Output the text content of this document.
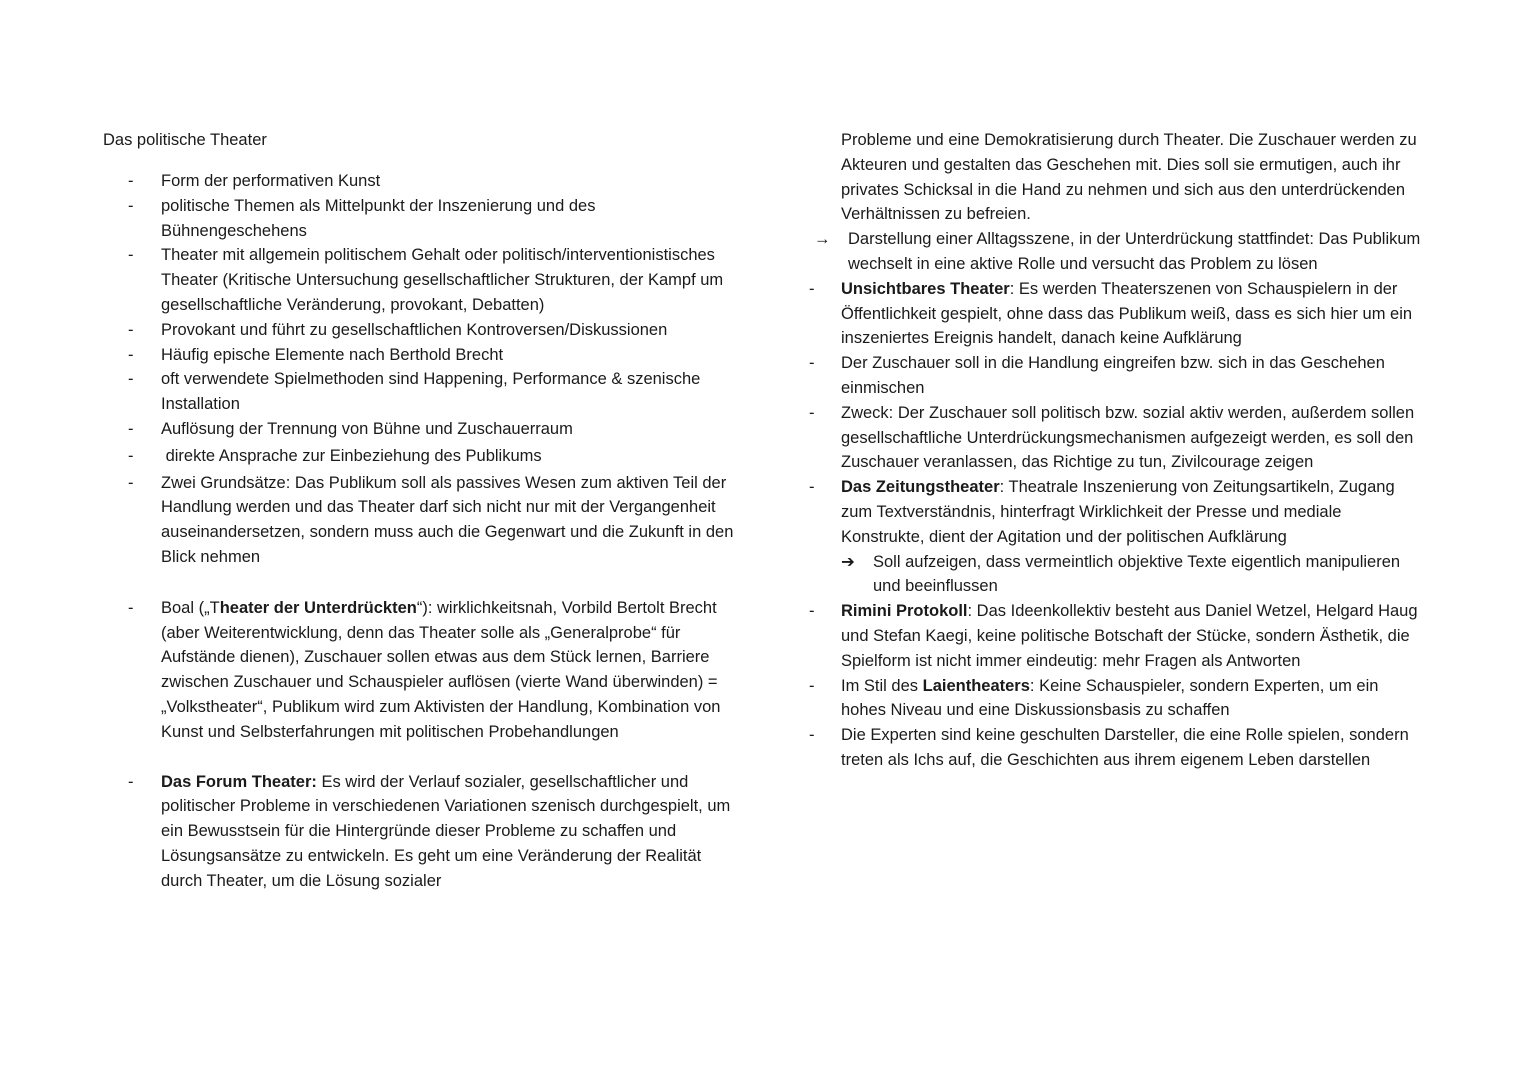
Das politische Theater
- Form der performativen Kunst
- politische Themen als Mittelpunkt der Inszenierung und des Bühnengeschehens
- Theater mit allgemein politischem Gehalt oder politisch/interventionistisches Theater (Kritische Untersuchung gesellschaftlicher Strukturen, der Kampf um gesellschaftliche Veränderung, provokant, Debatten)
- Provokant und führt zu gesellschaftlichen Kontroversen/Diskussionen
- Häufig epische Elemente nach Berthold Brecht
- oft verwendete Spielmethoden sind Happening, Performance & szenische Installation
- Auflösung der Trennung von Bühne und Zuschauerraum
- direkte Ansprache zur Einbeziehung des Publikums
- Zwei Grundsätze: Das Publikum soll als passives Wesen zum aktiven Teil der Handlung werden und das Theater darf sich nicht nur mit der Vergangenheit auseinandersetzen, sondern muss auch die Gegenwart und die Zukunft in den Blick nehmen
- Boal („Theater der Unterdrückten“): wirklichkeitsnah, Vorbild Bertolt Brecht (aber Weiterentwicklung, denn das Theater solle als „Generalprobe“ für Aufstände dienen), Zuschauer sollen etwas aus dem Stück lernen, Barriere zwischen Zuschauer und Schauspieler auflösen (vierte Wand überwinden) = „Volkstheater“, Publikum wird zum Aktivisten der Handlung, Kombination von Kunst und Selbsterfahrungen mit politischen Probehandlungen
- Das Forum Theater: Es wird der Verlauf sozialer, gesellschaftlicher und politischer Probleme in verschiedenen Variationen szenisch durchgespielt, um ein Bewusstsein für die Hintergründe dieser Probleme zu schaffen und Lösungsansätze zu entwickeln. Es geht um eine Veränderung der Realität durch Theater, um die Lösung sozialer
Probleme und eine Demokratisierung durch Theater. Die Zuschauer werden zu Akteuren und gestalten das Geschehen mit. Dies soll sie ermutigen, auch ihr privates Schicksal in die Hand zu nehmen und sich aus den unterdrückenden Verhältnissen zu befreien.
→ Darstellung einer Alltagsszene, in der Unterdrückung stattfindet: Das Publikum wechselt in eine aktive Rolle und versucht das Problem zu lösen
- Unsichtbares Theater: Es werden Theaterszenen von Schauspielern in der Öffentlichkeit gespielt, ohne dass das Publikum weiß, dass es sich hier um ein inszeniertes Ereignis handelt, danach keine Aufklärung
- Der Zuschauer soll in die Handlung eingreifen bzw. sich in das Geschehen einmischen
- Zweck: Der Zuschauer soll politisch bzw. sozial aktiv werden, außerdem sollen gesellschaftliche Unterdrückungsmechanismen aufgezeigt werden, es soll den Zuschauer veranlassen, das Richtige zu tun, Zivilcourage zeigen
- Das Zeitungstheater: Theatrale Inszenierung von Zeitungsartikeln, Zugang zum Textverständnis, hinterfragt Wirklichkeit der Presse und mediale Konstrukte, dient der Agitation und der politischen Aufklärung
➔ Soll aufzeigen, dass vermeintlich objektive Texte eigentlich manipulieren und beeinflussen
- Rimini Protokoll: Das Ideenkollektiv besteht aus Daniel Wetzel, Helgard Haug und Stefan Kaegi, keine politische Botschaft der Stücke, sondern Ästhetik, die Spielform ist nicht immer eindeutig: mehr Fragen als Antworten
- Im Stil des Laientheaters: Keine Schauspieler, sondern Experten, um ein hohes Niveau und eine Diskussionsbasis zu schaffen
- Die Experten sind keine geschulten Darsteller, die eine Rolle spielen, sondern treten als Ichs auf, die Geschichten aus ihrem eigenem Leben darstellen
